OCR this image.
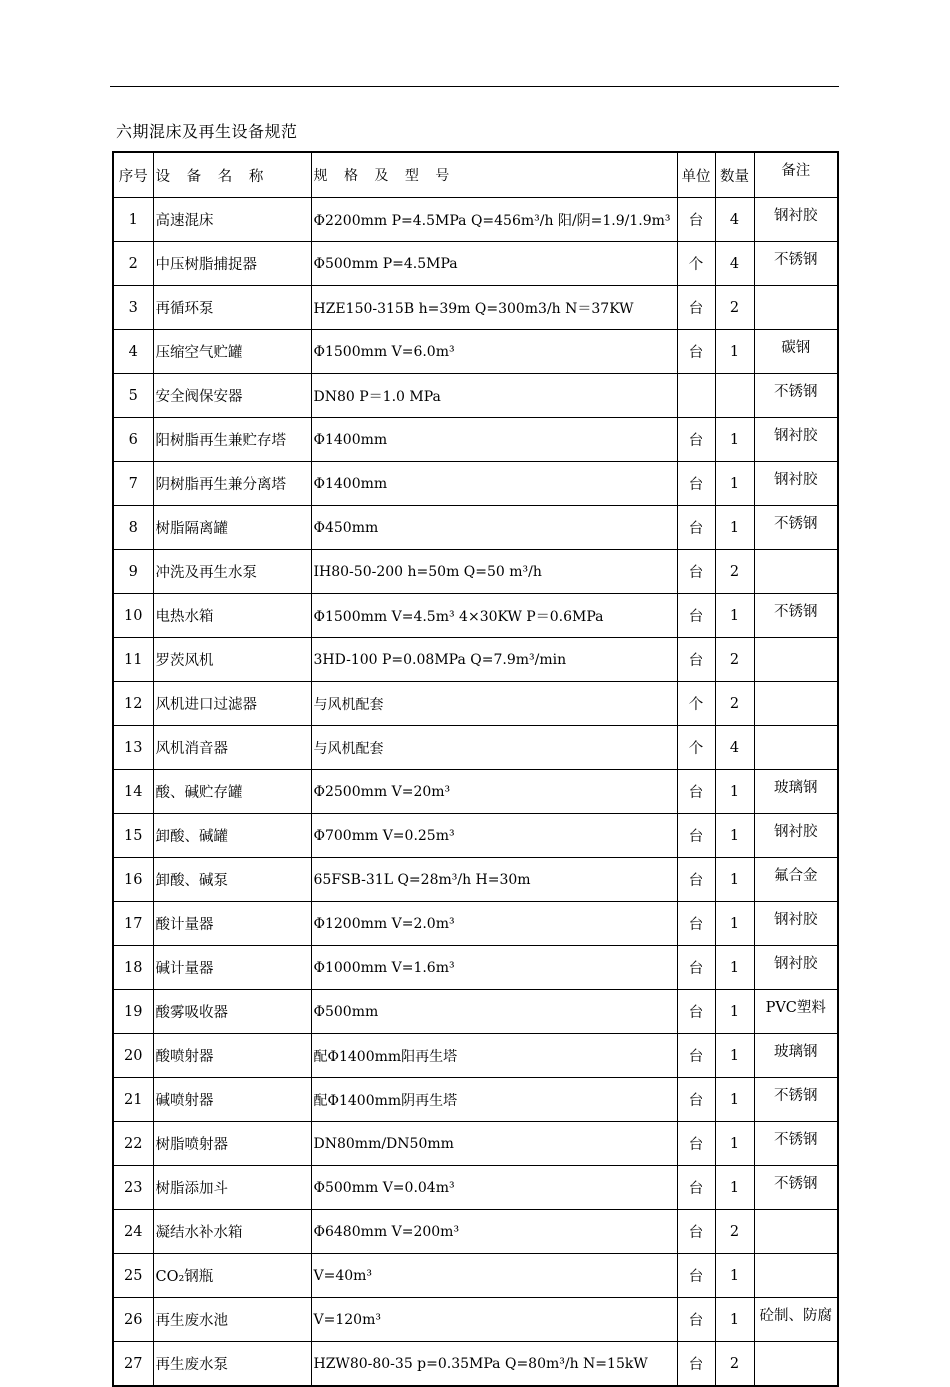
六期混床及再生设备规范
序号	设 备 名 称	规 格 及 型 号	单位	数量	备注
1	高速混床	Φ2200mm P=4.5MPa Q=456m³/h 阳/阴=1.9/1.9m³	台	4	钢衬胶
2	中压树脂捕捉器	Φ500mm P=4.5MPa	个	4	不锈钢
3	再循环泵	HZE150-315B h=39m Q=300m3/h N＝37KW	台	2	
4	压缩空气贮罐	Φ1500mm V=6.0m³	台	1	碳钢
5	安全阀保安器	DN80 P＝1.0 MPa			不锈钢
6	阳树脂再生兼贮存塔	Φ1400mm	台	1	钢衬胶
7	阴树脂再生兼分离塔	Φ1400mm	台	1	钢衬胶
8	树脂隔离罐	Φ450mm	台	1	不锈钢
9	冲洗及再生水泵	IH80-50-200 h=50m Q=50 m³/h	台	2	
10	电热水箱	Φ1500mm V=4.5m³ 4×30KW P＝0.6MPa	台	1	不锈钢
11	罗茨风机	3HD-100 P=0.08MPa Q=7.9m³/min	台	2	
12	风机进口过滤器	与风机配套	个	2	
13	风机消音器	与风机配套	个	4	
14	酸、碱贮存罐	Φ2500mm V=20m³	台	1	玻璃钢
15	卸酸、碱罐	Φ700mm V=0.25m³	台	1	钢衬胶
16	卸酸、碱泵	65FSB-31L Q=28m³/h H=30m	台	1	氟合金
17	酸计量器	Φ1200mm V=2.0m³	台	1	钢衬胶
18	碱计量器	Φ1000mm V=1.6m³	台	1	钢衬胶
19	酸雾吸收器	Φ500mm	台	1	PVC塑料
20	酸喷射器	配Φ1400mm阳再生塔	台	1	玻璃钢
21	碱喷射器	配Φ1400mm阴再生塔	台	1	不锈钢
22	树脂喷射器	DN80mm/DN50mm	台	1	不锈钢
23	树脂添加斗	Φ500mm V=0.04m³	台	1	不锈钢
24	凝结水补水箱	Φ6480mm V=200m³	台	2	
25	CO₂钢瓶	V=40m³	台	1	
26	再生废水池	V=120m³	台	1	砼制、防腐
27	再生废水泵	HZW80-80-35 p=0.35MPa Q=80m³/h N=15kW	台	2	
